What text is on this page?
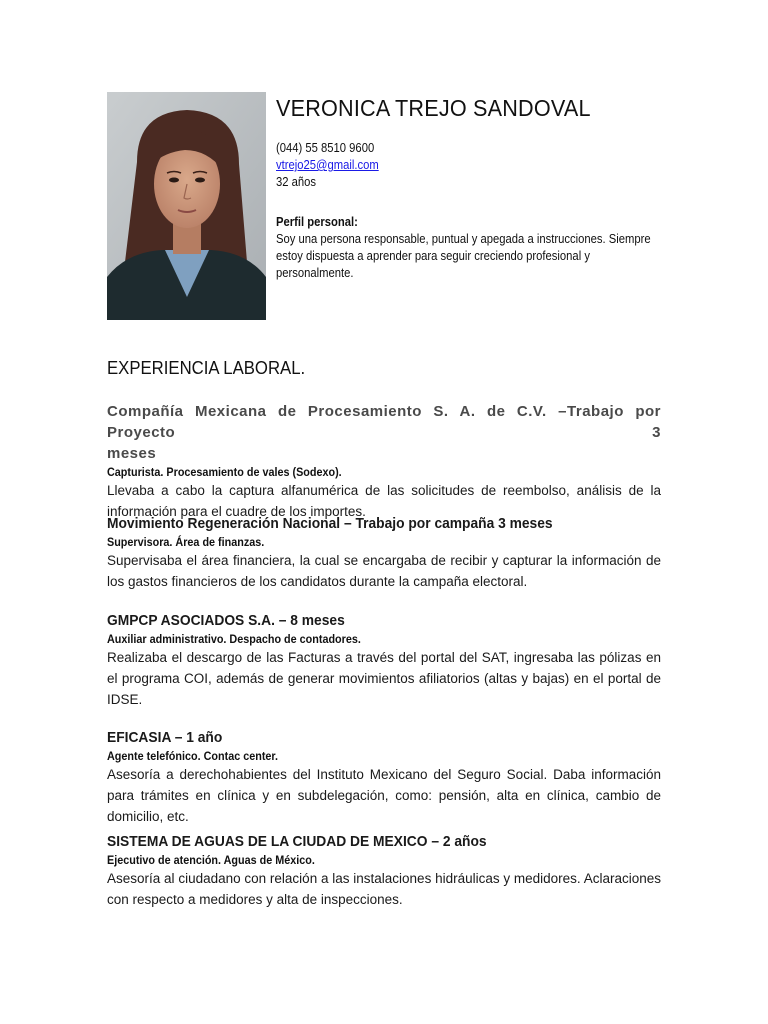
VERONICA TREJO SANDOVAL
(044) 55 8510 9600
vtrejo25@gmail.com
32 años
Perfil personal:
Soy una persona responsable, puntual y apegada a instrucciones. Siempre estoy dispuesta a aprender para seguir creciendo profesional y personalmente.
EXPERIENCIA LABORAL.
Compañía Mexicana de Procesamiento S. A. de C.V. –Trabajo por Proyecto 3
meses
Capturista. Procesamiento de vales (Sodexo).
Llevaba a cabo la captura alfanumérica de las solicitudes de reembolso, análisis de la información para el cuadre de los importes.
Movimiento Regeneración Nacional – Trabajo por campaña 3 meses
Supervisora. Área de finanzas.
Supervisaba el área financiera, la cual se encargaba de recibir y capturar la información de los gastos financieros de los candidatos durante la campaña electoral.
GMPCP ASOCIADOS S.A. – 8 meses
Auxiliar administrativo. Despacho de contadores.
Realizaba el descargo de las Facturas a través del portal del SAT, ingresaba las pólizas en el programa COI, además de generar movimientos afiliatorios (altas y bajas) en el portal de IDSE.
EFICASIA – 1 año
Agente telefónico. Contac center.
Asesoría a derechohabientes del Instituto Mexicano del Seguro Social. Daba información para trámites en clínica y en subdelegación, como: pensión, alta en clínica, cambio de domicilio, etc.
SISTEMA DE AGUAS DE LA CIUDAD DE MEXICO – 2 años
Ejecutivo de atención. Aguas de México.
Asesoría al ciudadano con relación a las instalaciones hidráulicas y medidores. Aclaraciones con respecto a medidores y alta de inspecciones.
